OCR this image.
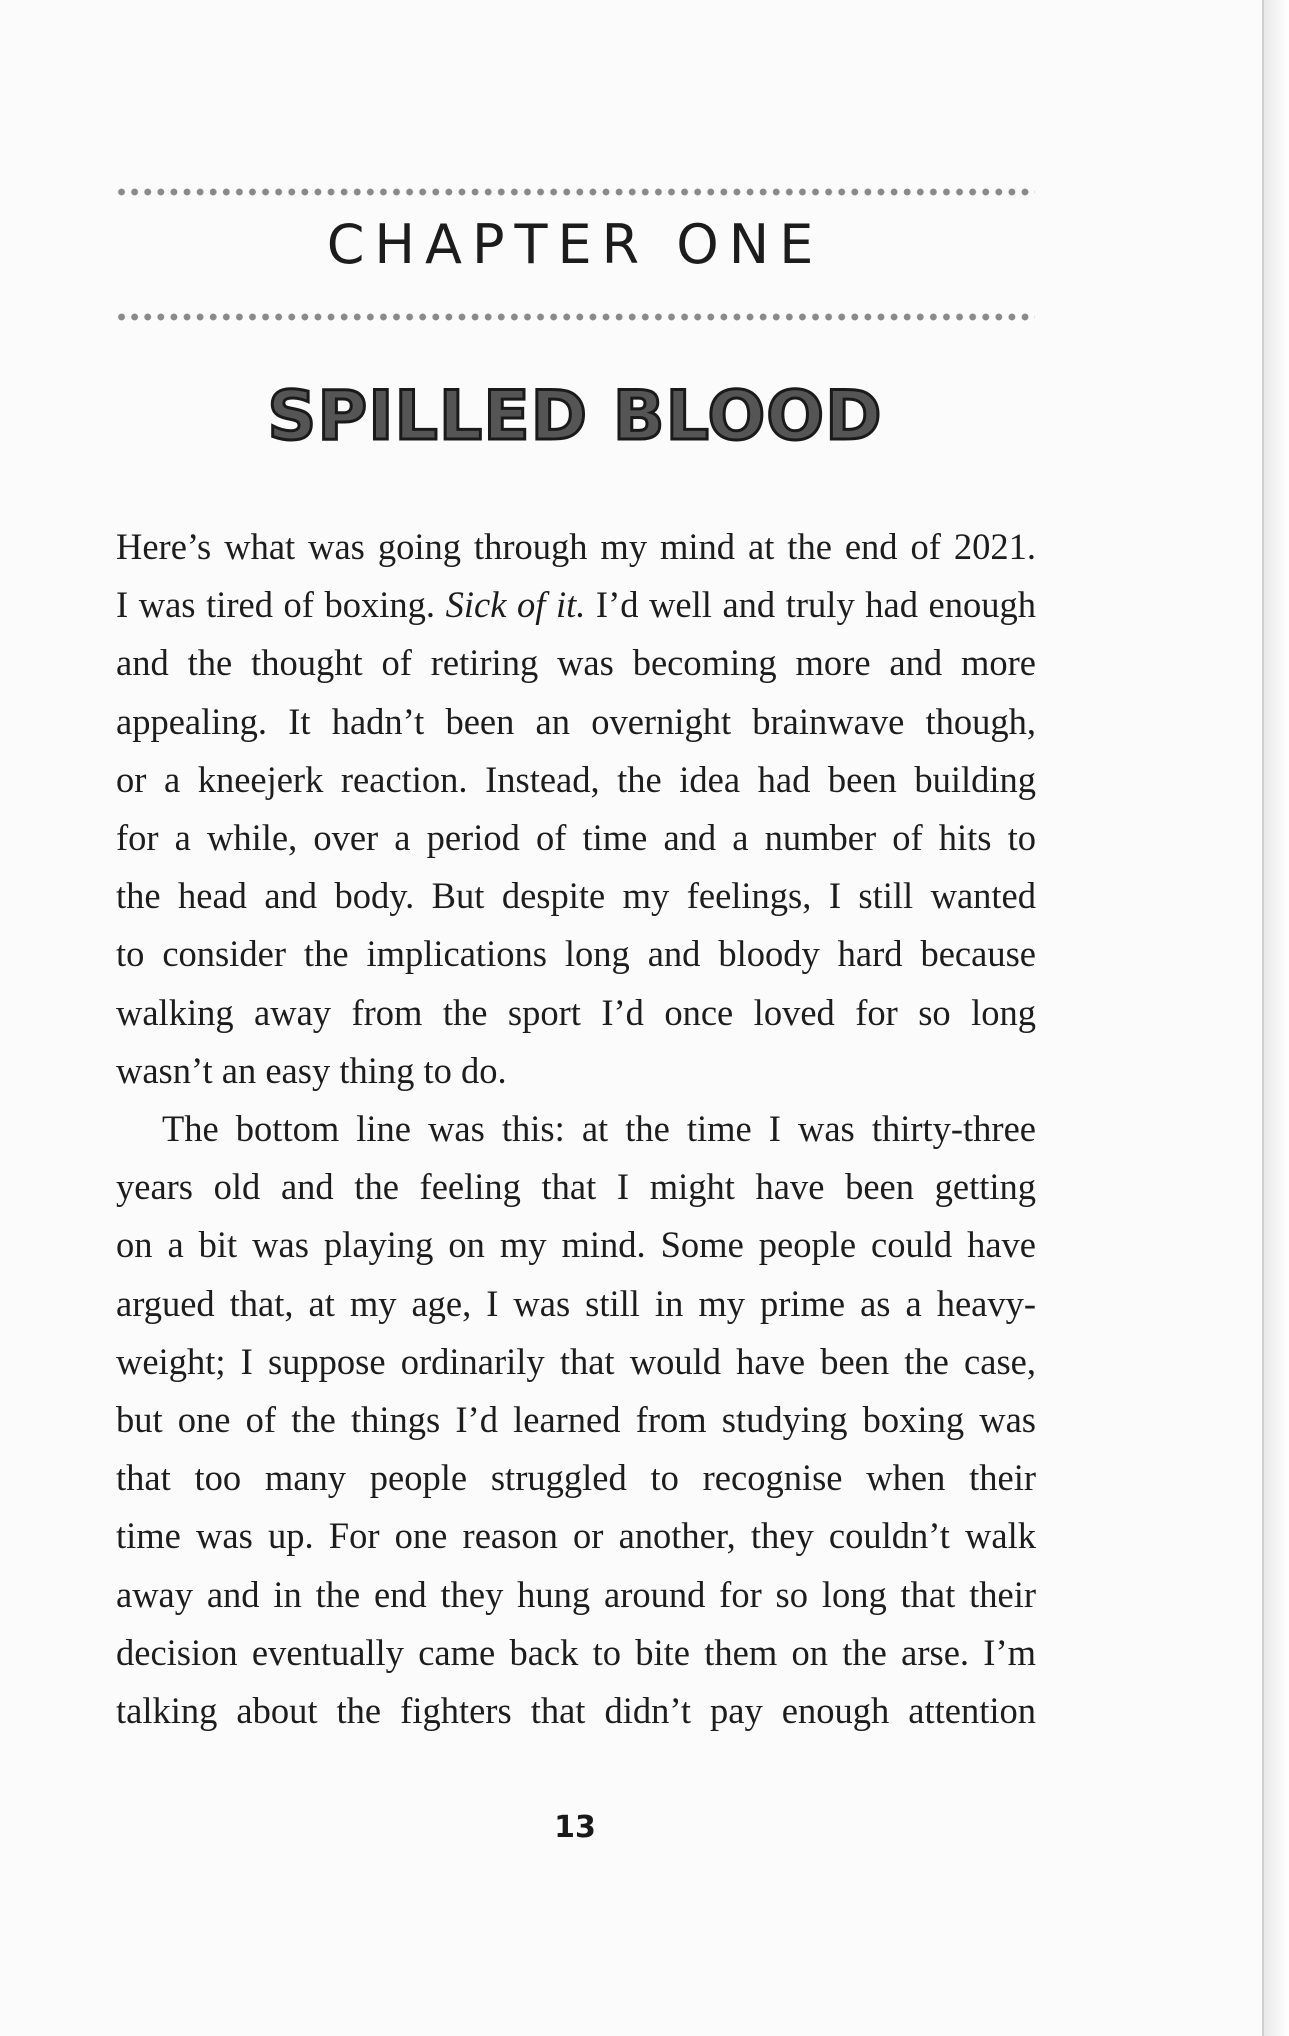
CHAPTER ONE
SPILLED BLOOD
Here’s what was going through my mind at the end of 2021.
I was tired of boxing. Sick of it. I’d well and truly had enough
and the thought of retiring was becoming more and more
appealing. It hadn’t been an overnight brainwave though,
or a kneejerk reaction. Instead, the idea had been building
for a while, over a period of time and a number of hits to
the head and body. But despite my feelings, I still wanted
to consider the implications long and bloody hard because
walking away from the sport I’d once loved for so long
wasn’t an easy thing to do.
The bottom line was this: at the time I was thirty-three
years old and the feeling that I might have been getting
on a bit was playing on my mind. Some people could have
argued that, at my age, I was still in my prime as a heavy-
weight; I suppose ordinarily that would have been the case,
but one of the things I’d learned from studying boxing was
that too many people struggled to recognise when their
time was up. For one reason or another, they couldn’t walk
away and in the end they hung around for so long that their
decision eventually came back to bite them on the arse. I’m
talking about the fighters that didn’t pay enough attention
13
